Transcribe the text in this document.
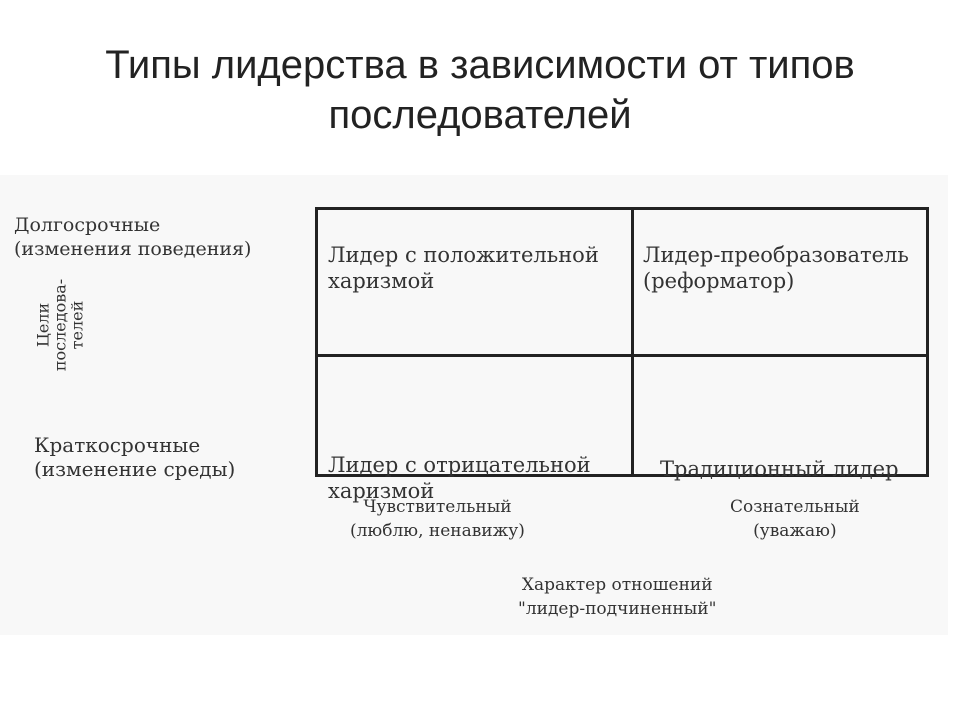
Типы лидерства в зависимости от типов
последователей
Долгосрочные
(изменения поведения)
Цели
последова-
телей
Краткосрочные
(изменение среды)
Лидер с положительной
харизмой
Лидер-преобразователь
(реформатор)
Лидер с отрицательной
харизмой
Традиционный лидер
Чувствительный
(люблю, ненавижу)
Сознательный
(уважаю)
Характер отношений
"лидер-подчиненный"
